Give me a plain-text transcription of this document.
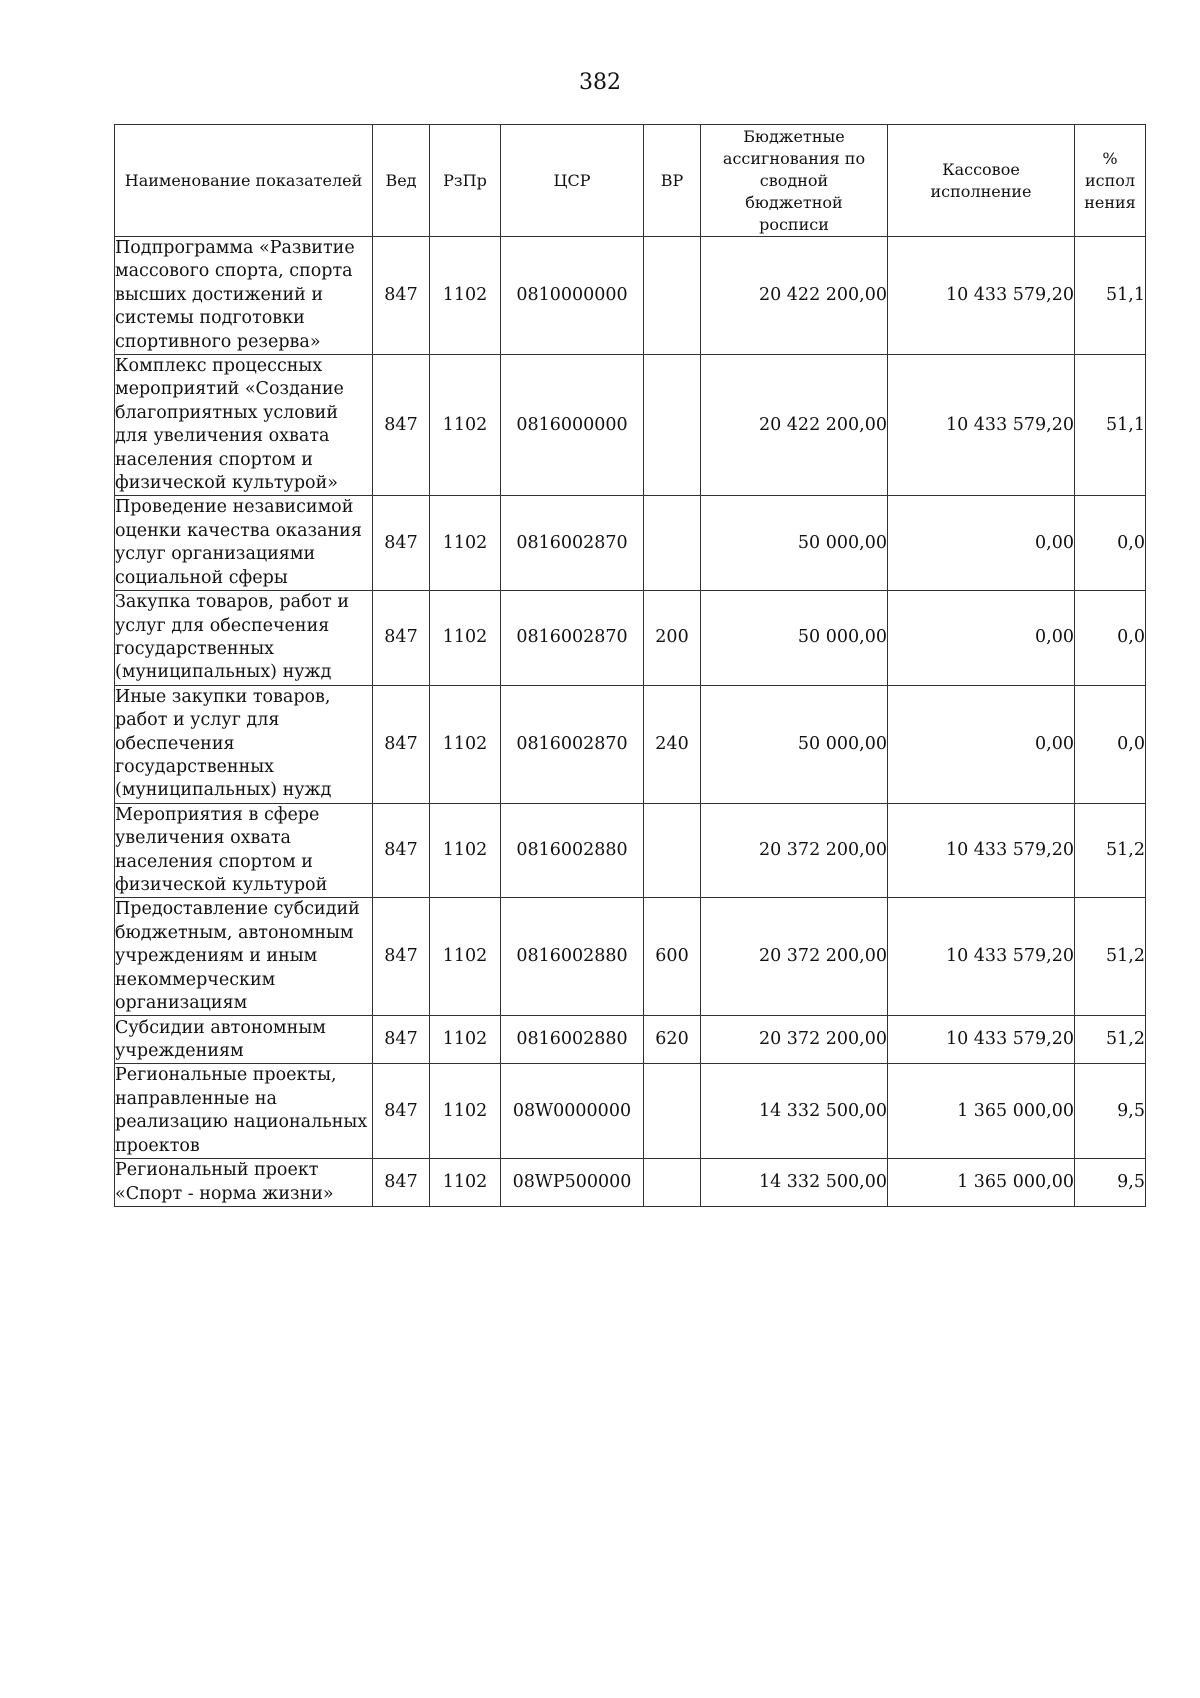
382
Наименование показателей	Вед	РзПр	ЦСР	ВР	Бюджетные ассигнования по сводной бюджетной росписи	Кассовое исполнение	% испол нения
Подпрограмма «Развитие массового спорта, спорта высших достижений и системы подготовки спортивного резерва»	847	1102	0810000000		20 422 200,00	10 433 579,20	51,1
Комплекс процессных мероприятий «Создание благоприятных условий для увеличения охвата населения спортом и физической культурой»	847	1102	0816000000		20 422 200,00	10 433 579,20	51,1
Проведение независимой оценки качества оказания услуг организациями социальной сферы	847	1102	0816002870		50 000,00	0,00	0,0
Закупка товаров, работ и услуг для обеспечения государственных (муниципальных) нужд	847	1102	0816002870	200	50 000,00	0,00	0,0
Иные закупки товаров, работ и услуг для обеспечения государственных (муниципальных) нужд	847	1102	0816002870	240	50 000,00	0,00	0,0
Мероприятия в сфере увеличения охвата населения спортом и физической культурой	847	1102	0816002880		20 372 200,00	10 433 579,20	51,2
Предоставление субсидий бюджетным, автономным учреждениям и иным некоммерческим организациям	847	1102	0816002880	600	20 372 200,00	10 433 579,20	51,2
Субсидии автономным учреждениям	847	1102	0816002880	620	20 372 200,00	10 433 579,20	51,2
Региональные проекты, направленные на реализацию национальных проектов	847	1102	08W0000000		14 332 500,00	1 365 000,00	9,5
Региональный проект «Спорт - норма жизни»	847	1102	08WP500000		14 332 500,00	1 365 000,00	9,5
